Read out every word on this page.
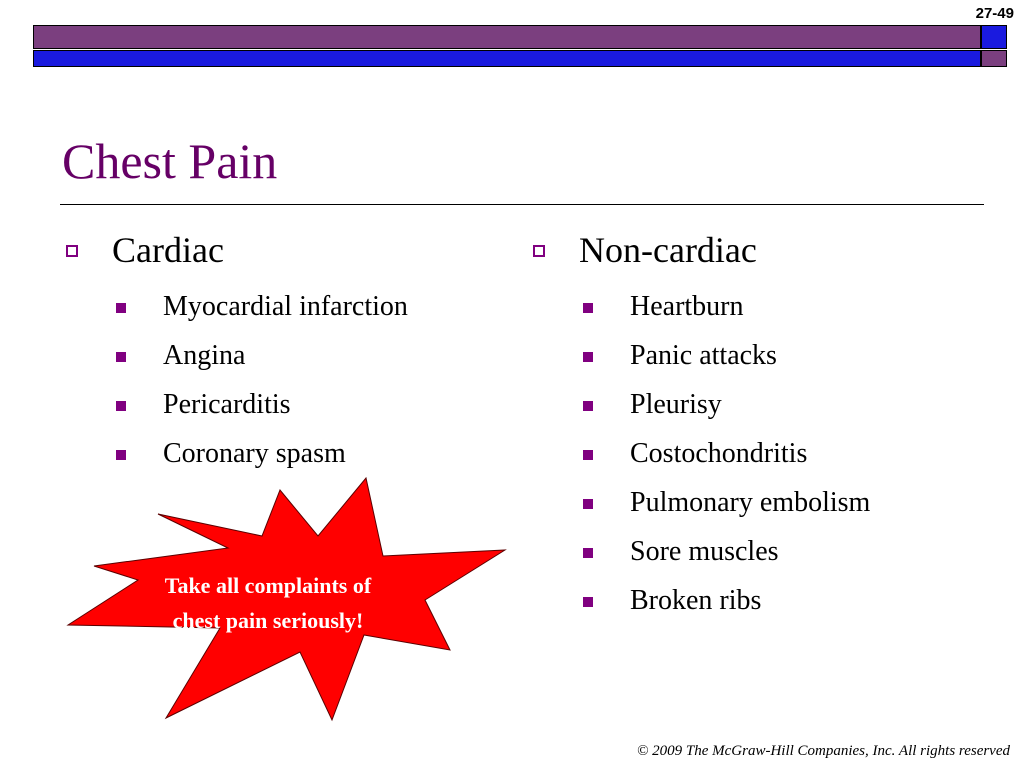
27-49
Chest Pain
Cardiac
Myocardial infarction
Angina
Pericarditis
Coronary spasm
Non-cardiac
Heartburn
Panic attacks
Pleurisy
Costochondritis
Pulmonary embolism
Sore muscles
Broken ribs
Take all complaints of
chest pain seriously!
© 2009 The McGraw-Hill Companies, Inc. All rights reserved
